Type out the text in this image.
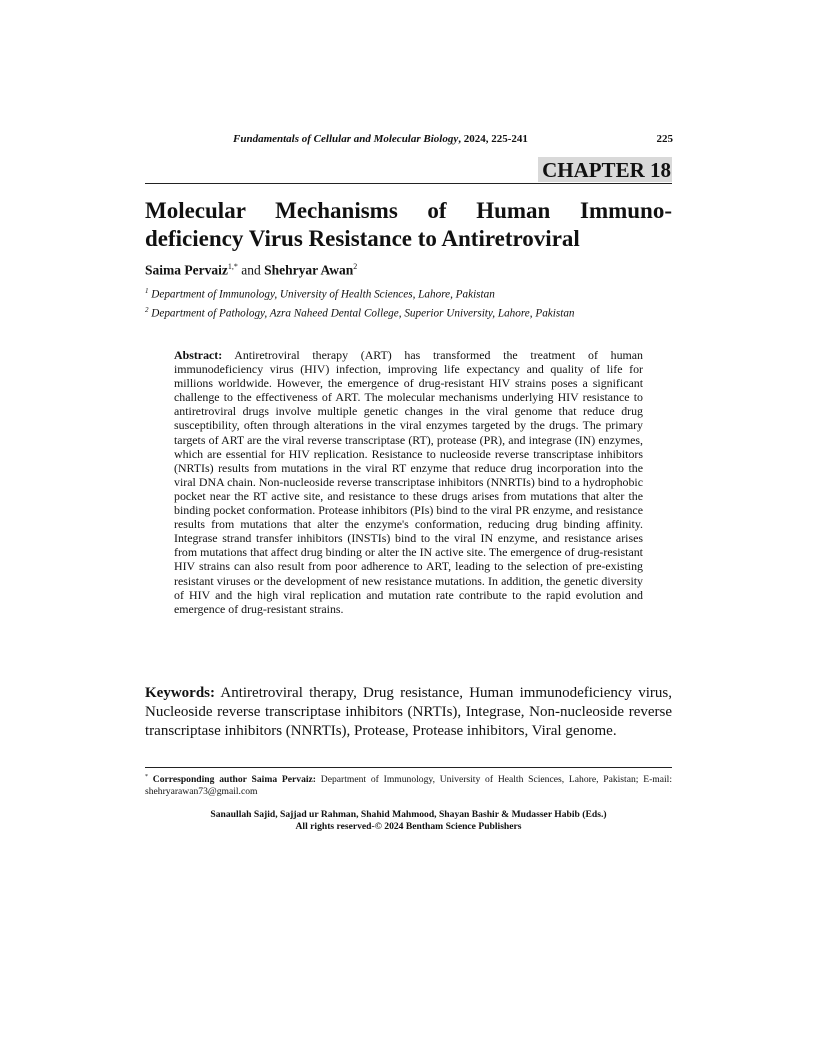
Fundamentals of Cellular and Molecular Biology, 2024, 225-241	225
CHAPTER 18
Molecular Mechanisms of Human Immuno-deficiency Virus Resistance to Antiretroviral
Saima Pervaiz$^{1,*}$ and Shehryar Awan$^2$
$^1$ Department of Immunology, University of Health Sciences, Lahore, Pakistan
$^2$ Department of Pathology, Azra Naheed Dental College, Superior University, Lahore, Pakistan

Abstract: Antiretroviral therapy (ART) has transformed the treatment of human immunodeficiency virus (HIV) infection, improving life expectancy and quality of life for millions worldwide. However, the emergence of drug-resistant HIV strains poses a significant challenge to the effectiveness of ART. The molecular mechanisms underlying HIV resistance to antiretroviral drugs involve multiple genetic changes in the viral genome that reduce drug susceptibility, often through alterations in the viral enzymes targeted by the drugs. The primary targets of ART are the viral reverse transcriptase (RT), protease (PR), and integrase (IN) enzymes, which are essential for HIV replication. Resistance to nucleoside reverse transcriptase inhibitors (NRTIs) results from mutations in the viral RT enzyme that reduce drug incorporation into the viral DNA chain. Non-nucleoside reverse transcriptase inhibitors (NNRTIs) bind to a hydrophobic pocket near the RT active site, and resistance to these drugs arises from mutations that alter the binding pocket conformation. Protease inhibitors (PIs) bind to the viral PR enzyme, and resistance results from mutations that alter the enzyme's conformation, reducing drug binding affinity. Integrase strand transfer inhibitors (INSTIs) bind to the viral IN enzyme, and resistance arises from mutations that affect drug binding or alter the IN active site. The emergence of drug-resistant HIV strains can also result from poor adherence to ART, leading to the selection of pre-existing resistant viruses or the development of new resistance mutations. In addition, the genetic diversity of HIV and the high viral replication and mutation rate contribute to the rapid evolution and emergence of drug-resistant strains.

Keywords: Antiretroviral therapy, Drug resistance, Human immunodeficiency virus, Nucleoside reverse transcriptase inhibitors (NRTIs), Integrase, Non-nucleoside reverse transcriptase inhibitors (NNRTIs), Protease, Protease inhibitors, Viral genome.

* Corresponding author Saima Pervaiz: Department of Immunology, University of Health Sciences, Lahore, Pakistan; E-mail: shehryarawan73@gmail.com

Sanaullah Sajid, Sajjad ur Rahman, Shahid Mahmood, Shayan Bashir & Mudasser Habib (Eds.)
All rights reserved-© 2024 Bentham Science Publishers
